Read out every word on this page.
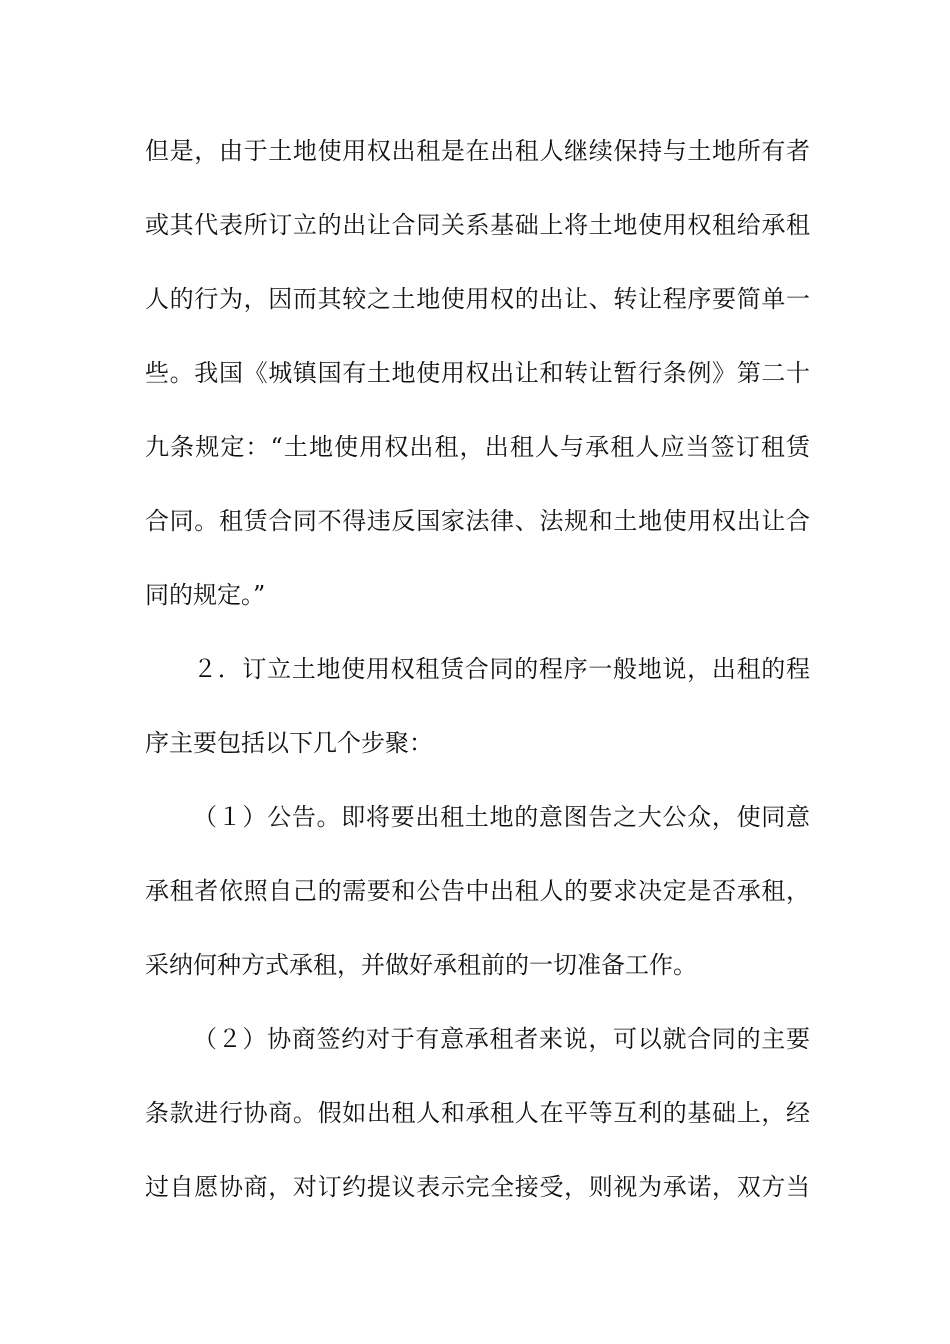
但是，由于土地使用权出租是在出租人继续保持与土地所有者
或其代表所订立的出让合同关系基础上将土地使用权租给承租
人的行为，因而其较之土地使用权的出让、转让程序要简单一
些。我国《城镇国有土地使用权出让和转让暂行条例》第二十
九条规定：“土地使用权出租，出租人与承租人应当签订租赁
合同。租赁合同不得违反国家法律、法规和土地使用权出让合
同的规定。”
２．订立土地使用权租赁合同的程序一般地说，出租的程
序主要包括以下几个步聚：
（１）公告。即将要出租土地的意图告之大公众，使同意
承租者依照自己的需要和公告中出租人的要求决定是否承租，
采纳何种方式承租，并做好承租前的一切准备工作。
（２）协商签约对于有意承租者来说，可以就合同的主要
条款进行协商。假如出租人和承租人在平等互利的基础上，经
过自愿协商，对订约提议表示完全接受，则视为承诺，双方当
